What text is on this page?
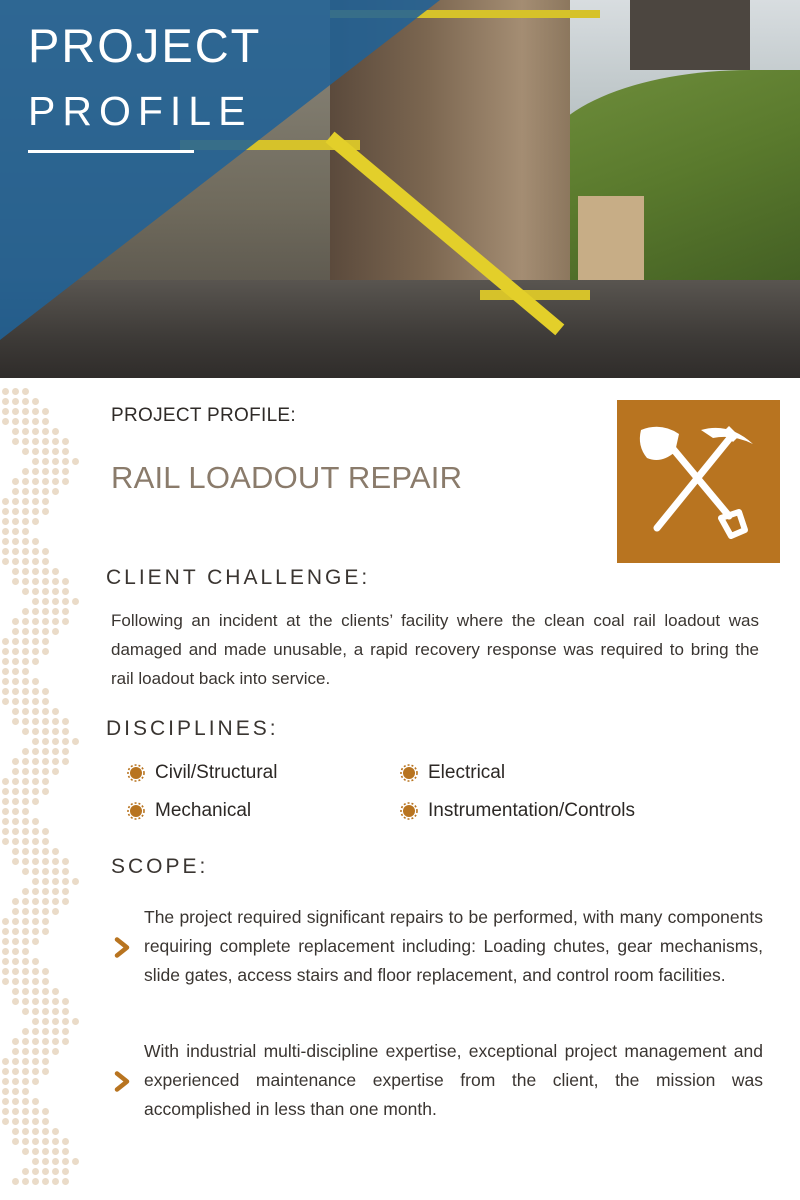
PROJECT
PROFILE
PROJECT PROFILE:
RAIL LOADOUT REPAIR
CLIENT CHALLENGE:

Following an incident at the clients’ facility where the clean coal rail loadout was damaged and made unusable, a rapid recovery response was required to bring the rail loadout back into service.

DISCIPLINES:
Civil/Structural	Electrical
Mechanical	Instrumentation/Controls
SCOPE:

The project required significant repairs to be performed, with many components requiring complete replacement including: Loading chutes, gear mechanisms, slide gates, access stairs and floor replacement, and control room facilities.

With industrial multi-discipline expertise, exceptional project management and experienced maintenance expertise from the client, the mission was accomplished in less than one month.
